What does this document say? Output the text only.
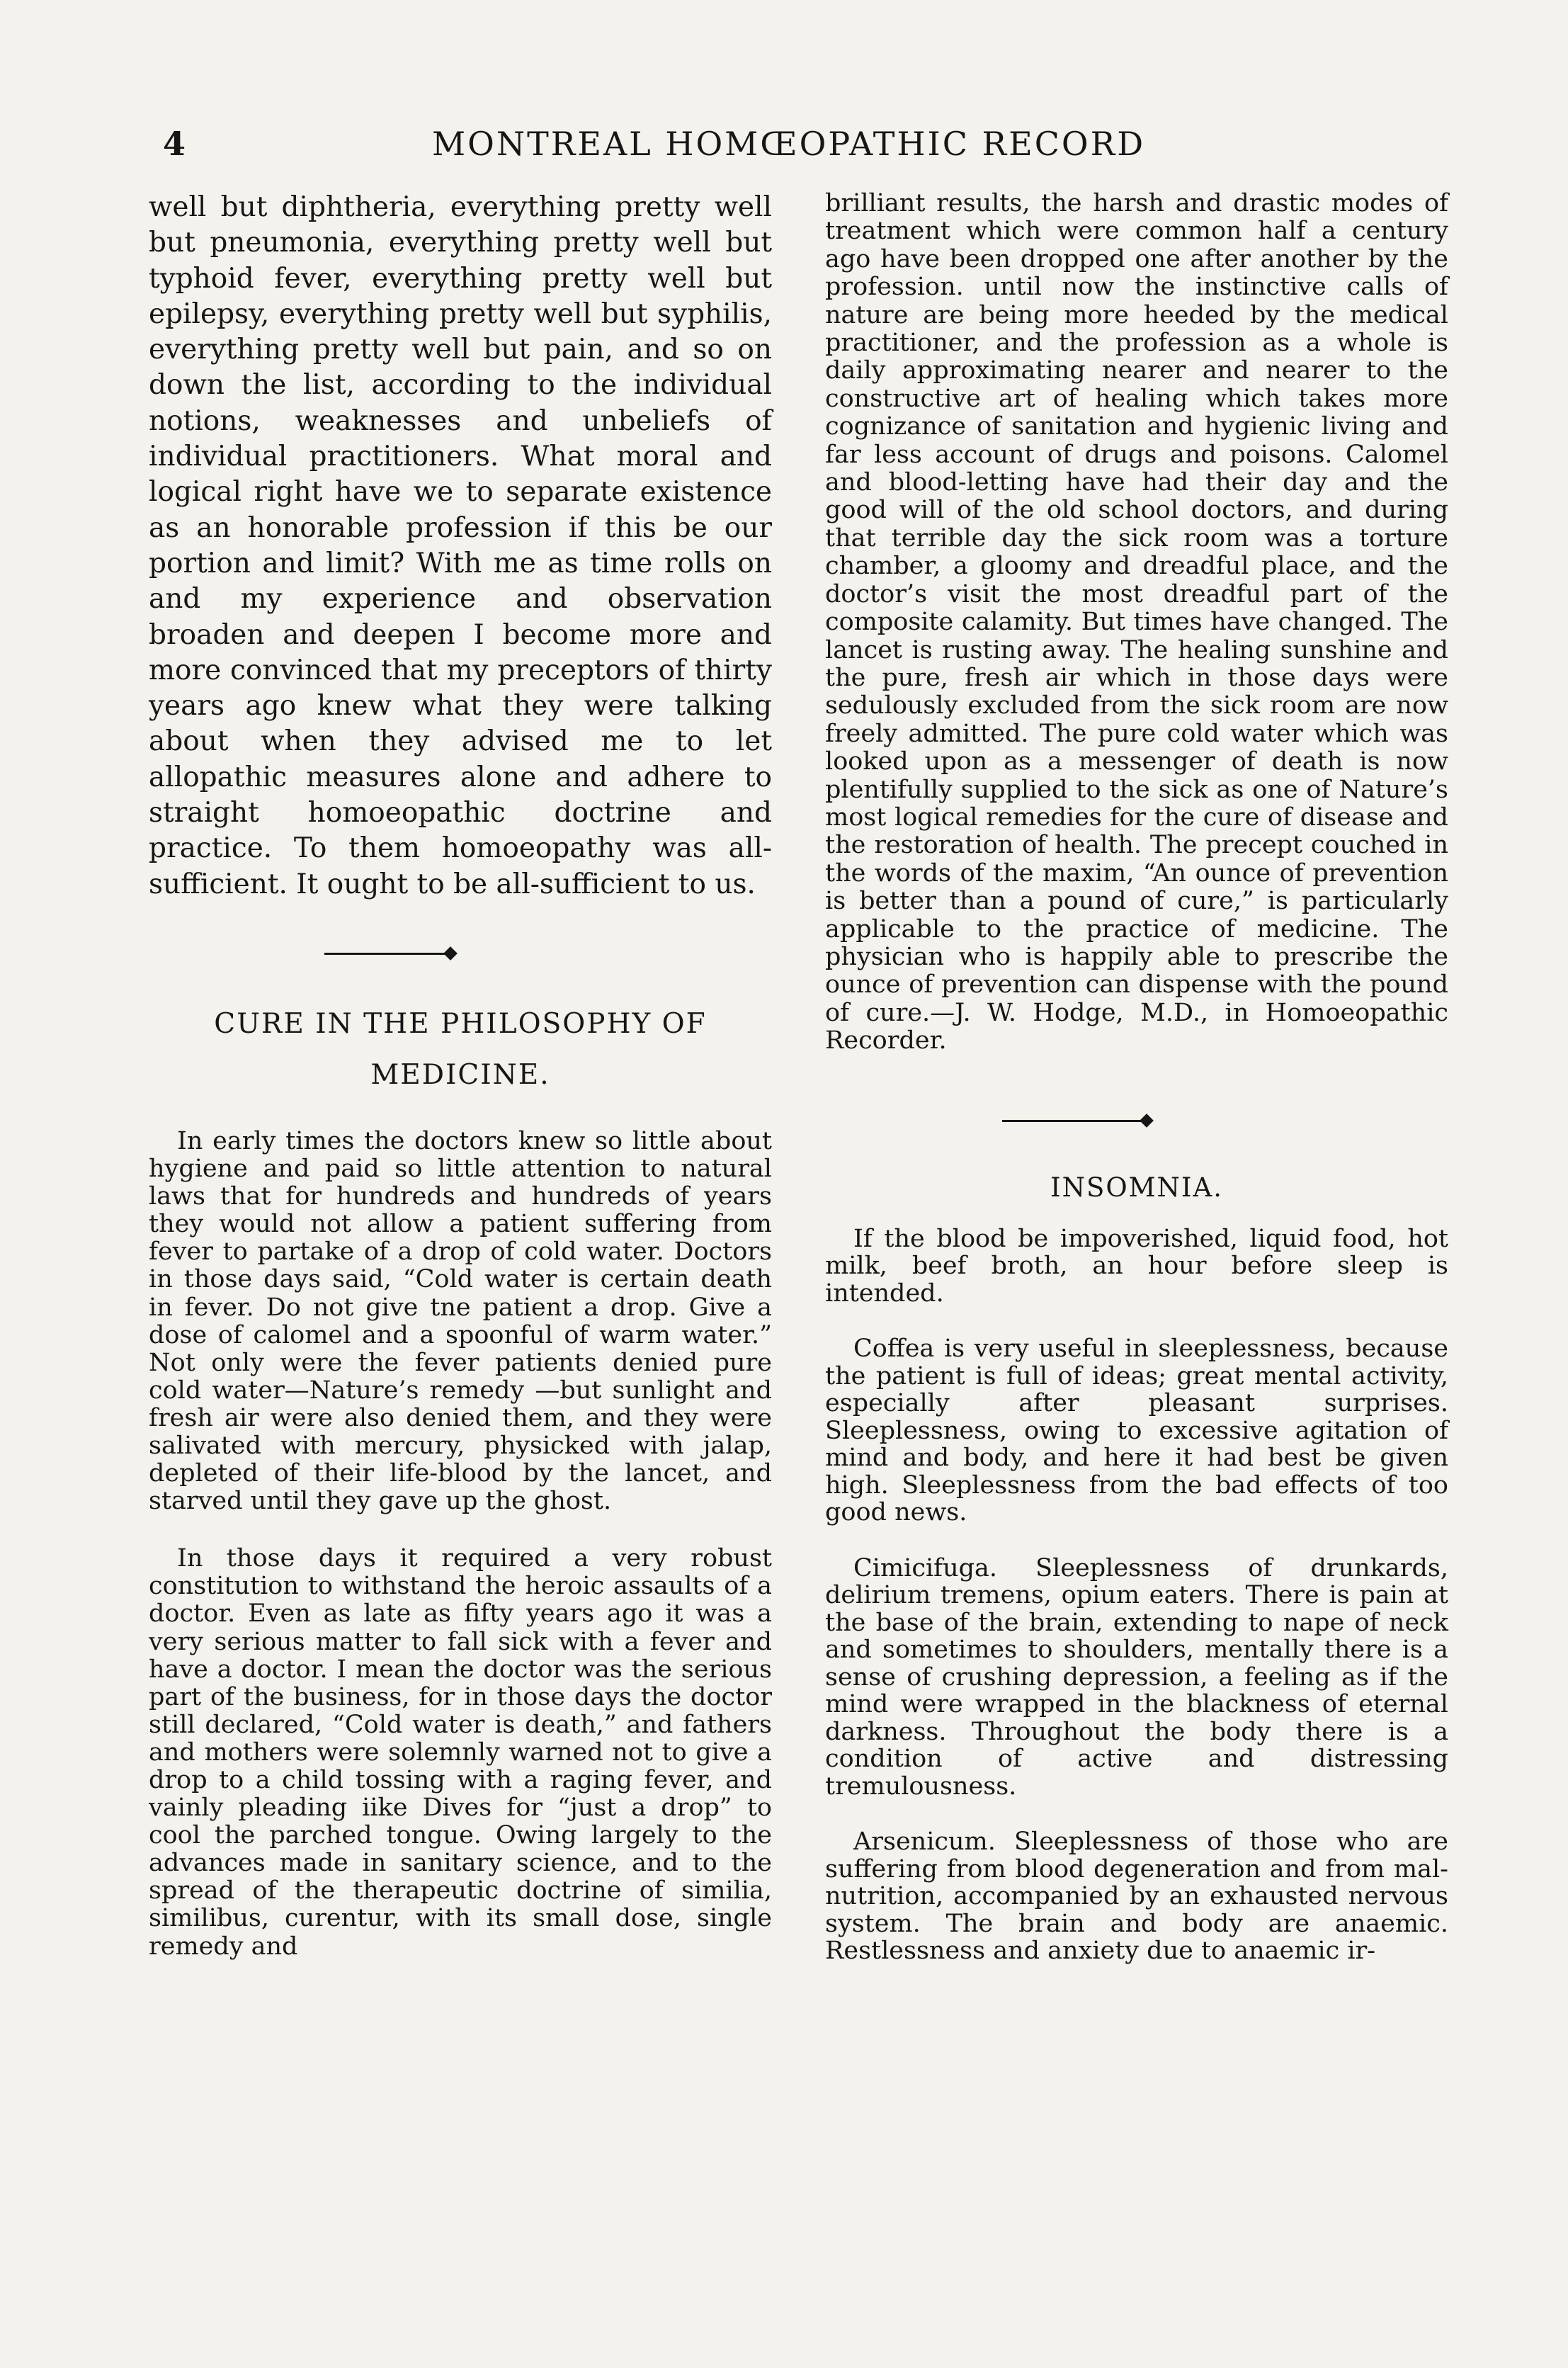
4	MONTREAL HOMŒOPATHIC RECORD

well but diphtheria, everything pretty well but pneumonia, everything pretty well but typhoid fever, everything pretty well but epilepsy, everything pretty well but syphilis, everything pretty well but pain, and so on down the list, according to the individual notions, weaknesses and unbeliefs of individual practitioners. What moral and logical right have we to separate existence as an honorable profession if this be our portion and limit? With me as time rolls on and my experience and observation broaden and deepen I become more and more convinced that my preceptors of thirty years ago knew what they were talking about when they advised me to let allopathic measures alone and adhere to straight homoeopathic doctrine and practice. To them homoeopathy was all-sufficient. It ought to be all-sufficient to us.

CURE IN THE PHILOSOPHY OF
MEDICINE.

In early times the doctors knew so little about hygiene and paid so little attention to natural laws that for hundreds and hundreds of years they would not allow a patient suffering from fever to partake of a drop of cold water. Doctors in those days said, “Cold water is certain death in fever. Do not give tne patient a drop. Give a dose of calomel and a spoonful of warm water.” Not only were the fever patients denied pure cold water—Nature’s remedy —but sunlight and fresh air were also denied them, and they were salivated with mercury, physicked with jalap, depleted of their life-blood by the lancet, and starved until they gave up the ghost.

In those days it required a very robust constitution to withstand the heroic assaults of a doctor. Even as late as fifty years ago it was a very serious matter to fall sick with a fever and have a doctor. I mean the doctor was the serious part of the business, for in those days the doctor still declared, “Cold water is death,” and fathers and mothers were solemnly warned not to give a drop to a child tossing with a raging fever, and vainly pleading iike Dives for “just a drop” to cool the parched tongue. Owing largely to the advances made in sanitary science, and to the spread of the therapeutic doctrine of similia, similibus, curentur, with its small dose, single remedy and

brilliant results, the harsh and drastic modes of treatment which were common half a century ago have been dropped one after another by the profession. until now the instinctive calls of nature are being more heeded by the medical practitioner, and the profession as a whole is daily approximating nearer and nearer to the constructive art of healing which takes more cognizance of sanitation and hygienic living and far less account of drugs and poisons. Calomel and blood-letting have had their day and the good will of the old school doctors, and during that terrible day the sick room was a torture chamber, a gloomy and dreadful place, and the doctor’s visit the most dreadful part of the composite calamity. But times have changed. The lancet is rusting away. The healing sunshine and the pure, fresh air which in those days were sedulously excluded from the sick room are now freely admitted. The pure cold water which was looked upon as a messenger of death is now plentifully supplied to the sick as one of Nature’s most logical remedies for the cure of disease and the restoration of health. The precept couched in the words of the maxim, “An ounce of prevention is better than a pound of cure,” is particularly applicable to the practice of medicine. The physician who is happily able to prescribe the ounce of prevention can dispense with the pound of cure.—J. W. Hodge, M.D., in Homoeopathic Recorder.

INSOMNIA.

If the blood be impoverished, liquid food, hot milk, beef broth, an hour before sleep is intended.

Coffea is very useful in sleeplessness, because the patient is full of ideas; great mental activity, especially after pleasant surprises. Sleeplessness, owing to excessive agitation of mind and body, and here it had best be given high. Sleeplessness from the bad effects of too good news.

Cimicifuga. Sleeplessness of drunkards, delirium tremens, opium eaters. There is pain at the base of the brain, extending to nape of neck and sometimes to shoulders, mentally there is a sense of crushing depression, a feeling as if the mind were wrapped in the blackness of eternal darkness. Throughout the body there is a condition of active and distressing tremulousness.

Arsenicum. Sleeplessness of those who are suffering from blood degeneration and from mal-nutrition, accompanied by an exhausted nervous system. The brain and body are anaemic. Restlessness and anxiety due to anaemic ir-
